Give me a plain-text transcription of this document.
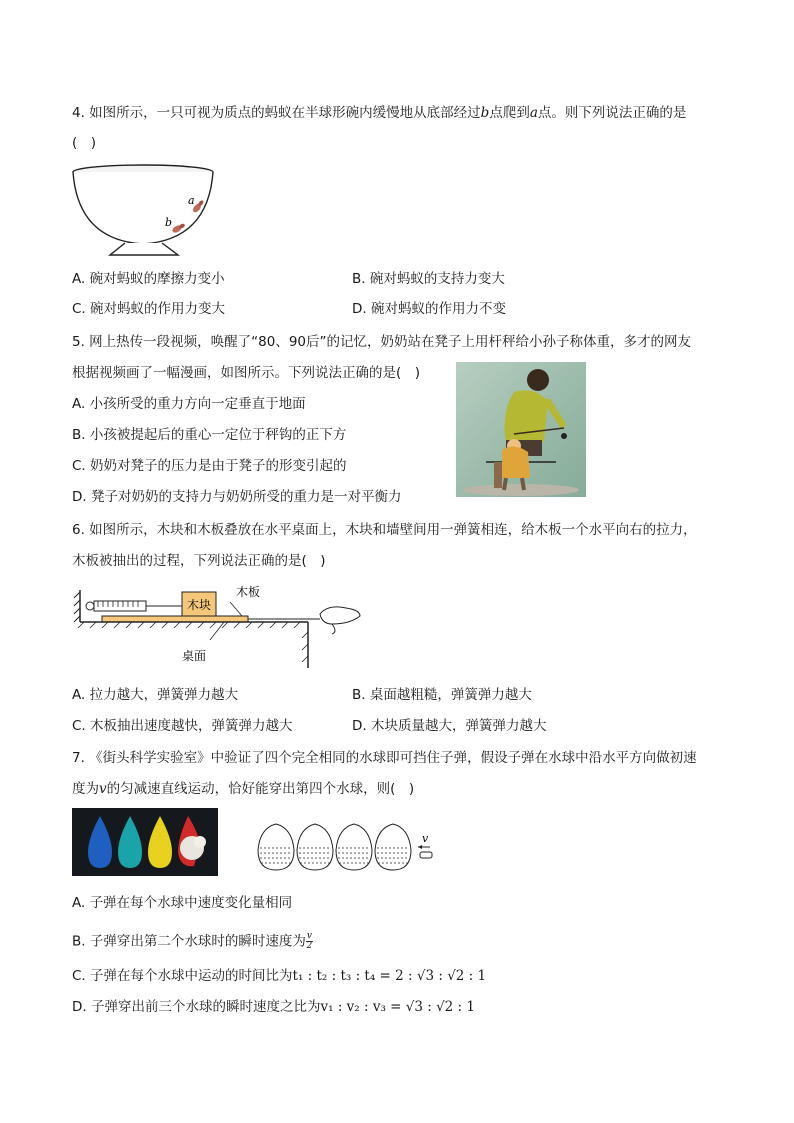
4. 如图所示，一只可视为质点的蚂蚁在半球形碗内缓慢地从底部经过b点爬到a点。则下列说法正确的是
(　)
a
b
A. 碗对蚂蚁的摩擦力变小	B. 碗对蚂蚁的支持力变大
C. 碗对蚂蚁的作用力变大	D. 碗对蚂蚁的作用力不变
5. 网上热传一段视频，唤醒了“80、90后”的记忆，奶奶站在凳子上用杆秤给小孙子称体重，多才的网友
根据视频画了一幅漫画，如图所示。下列说法正确的是(　)
A. 小孩所受的重力方向一定垂直于地面
B. 小孩被提起后的重心一定位于秤钩的正下方
C. 奶奶对凳子的压力是由于凳子的形变引起的
D. 凳子对奶奶的支持力与奶奶所受的重力是一对平衡力
6. 如图所示，木块和木板叠放在水平桌面上，木块和墙壁间用一弹簧相连，给木板一个水平向右的拉力，
木板被抽出的过程，下列说法正确的是(　)
木块
木板
桌面
A. 拉力越大，弹簧弹力越大	B. 桌面越粗糙，弹簧弹力越大
C. 木板抽出速度越快，弹簧弹力越大	D. 木块质量越大，弹簧弹力越大
7. 《街头科学实验室》中验证了四个完全相同的水球即可挡住子弹，假设子弹在水球中沿水平方向做初速
度为v的匀减速直线运动，恰好能穿出第四个水球，则(　)
v
A. 子弹在每个水球中速度变化量相同
B. 子弹穿出第二个水球时的瞬时速度为 $\frac{v}{2}$
C. 子弹在每个水球中运动的时间比为t₁ : t₂ : t₃ : t₄ = 2 : √3 : √2 : 1
D. 子弹穿出前三个水球的瞬时速度之比为v₁ : v₂ : v₃ = √3 : √2 : 1
